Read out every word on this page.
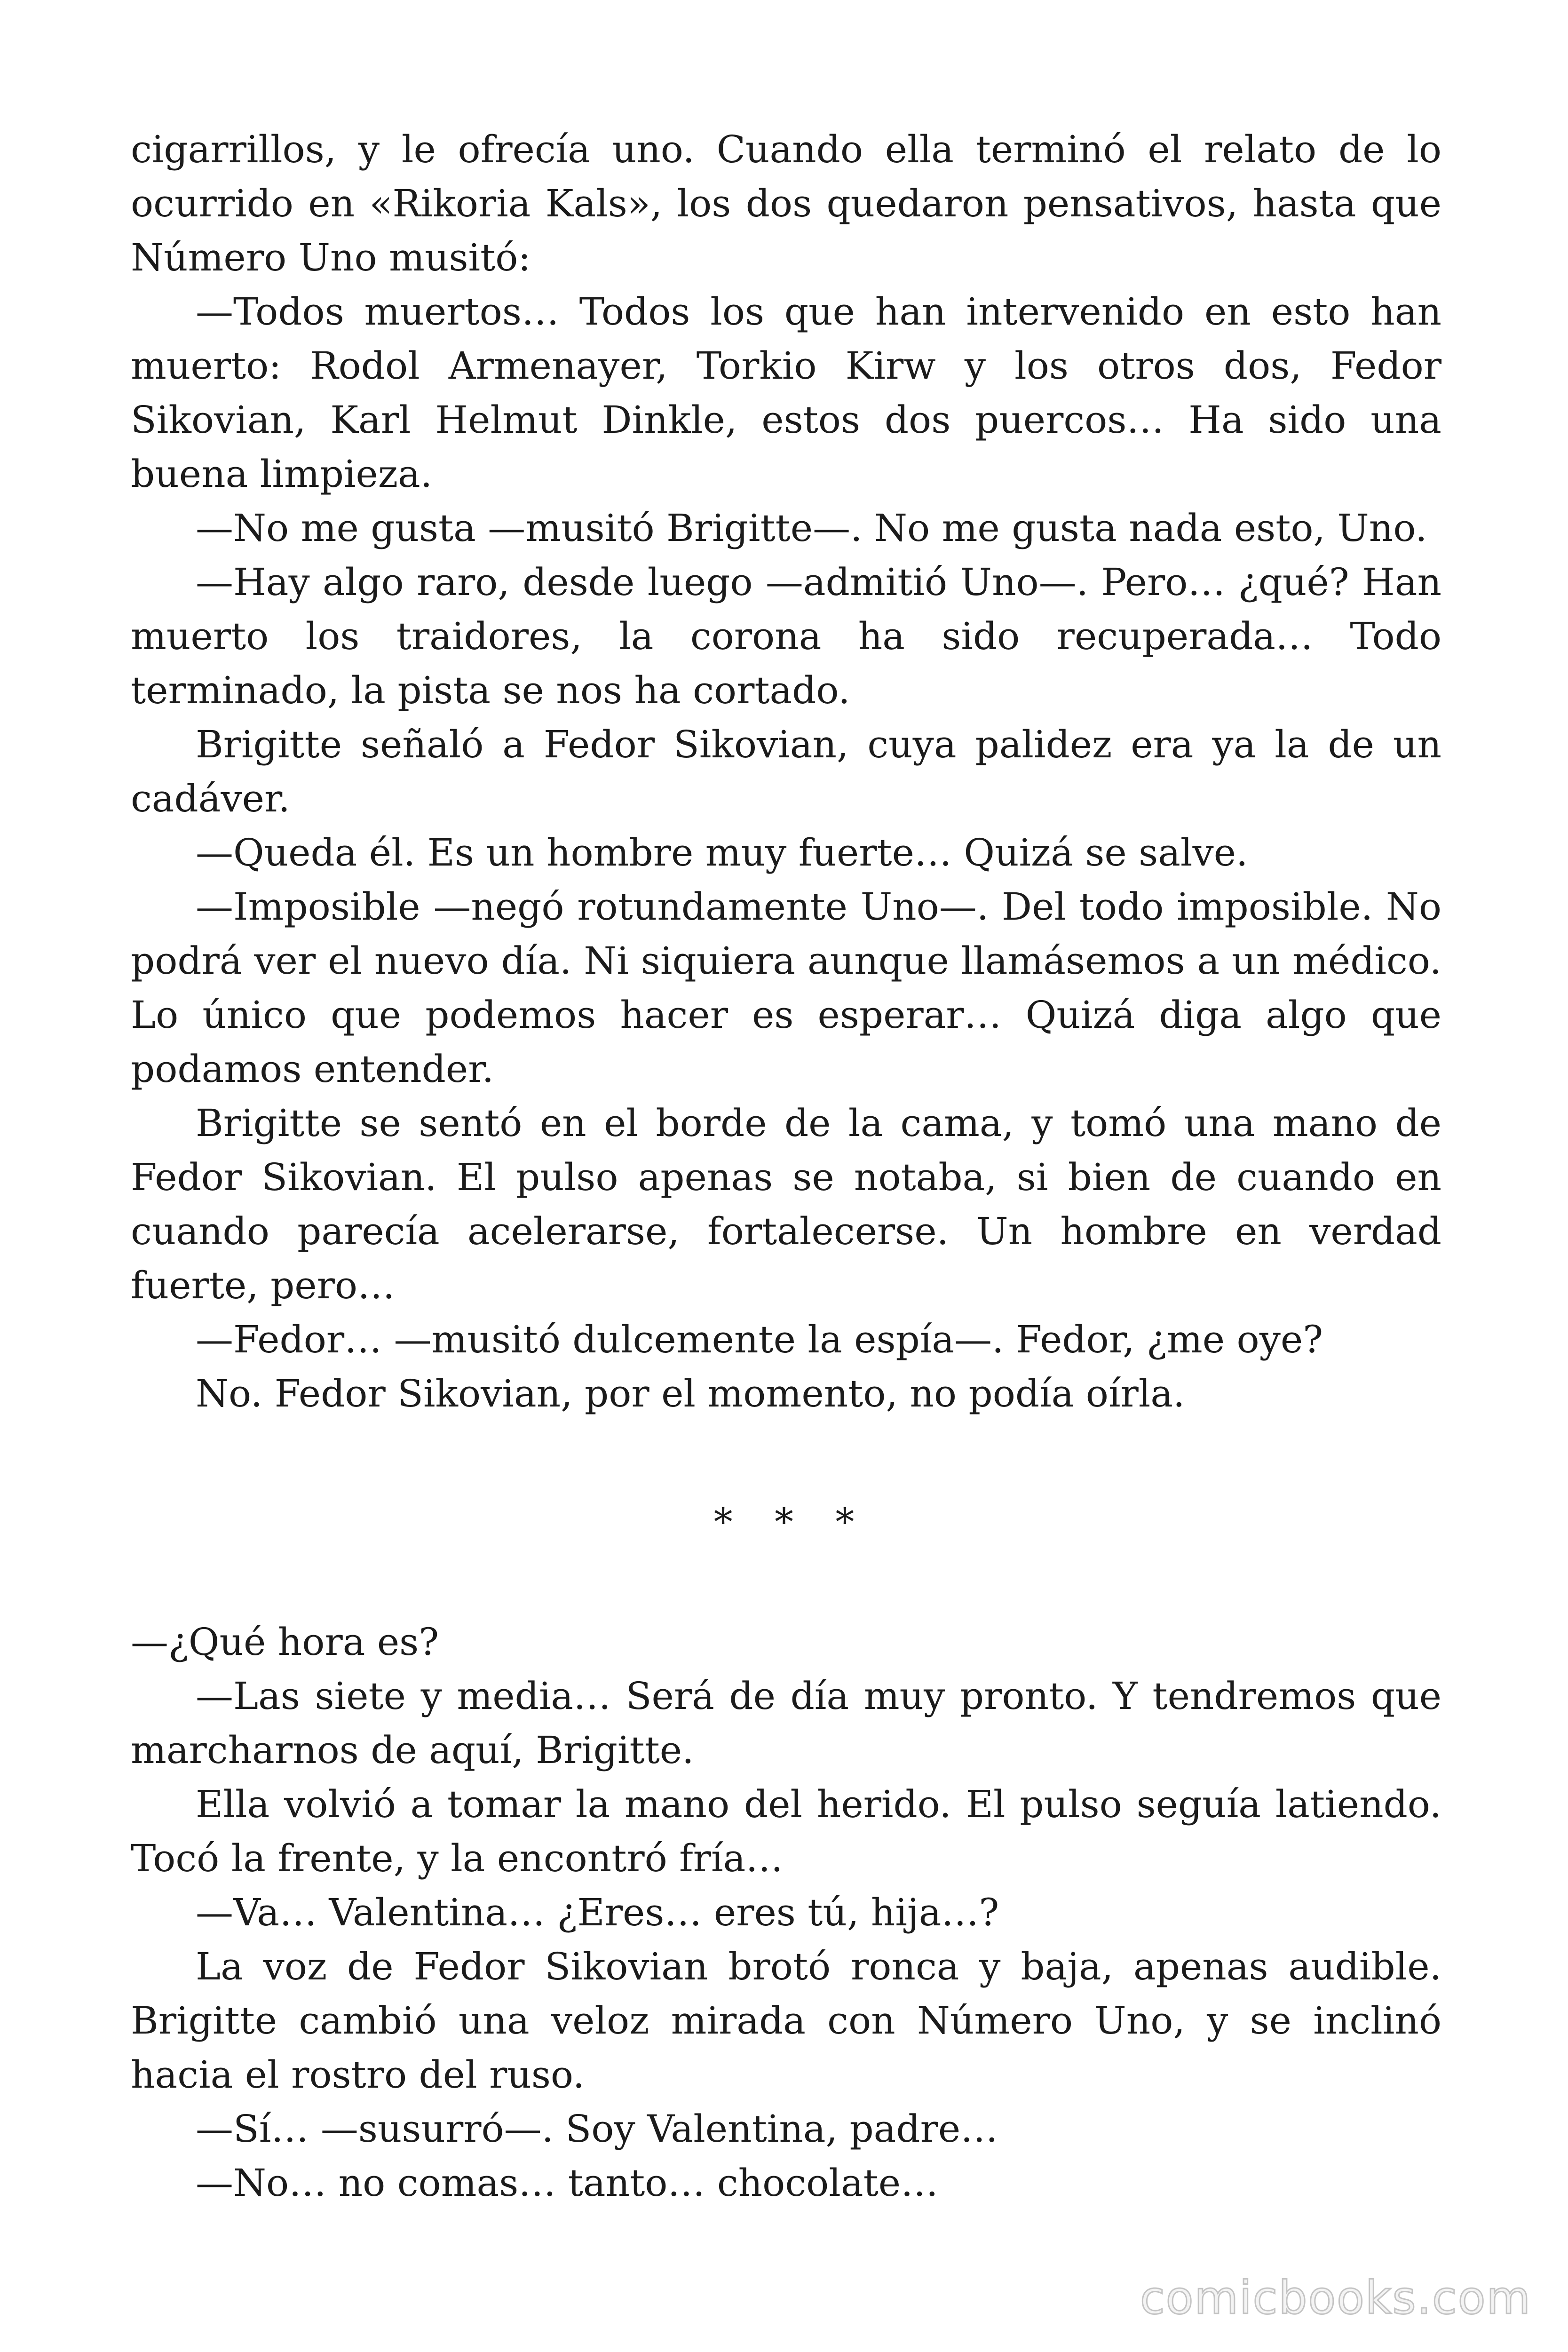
cigarrillos, y le ofrecía uno. Cuando ella terminó el relato de lo ocurrido en «Rikoria Kals», los dos quedaron pensativos, hasta que Número Uno musitó:

—Todos muertos… Todos los que han intervenido en esto han muerto: Rodol Armenayer, Torkio Kirw y los otros dos, Fedor Sikovian, Karl Helmut Dinkle, estos dos puercos… Ha sido una buena limpieza.

—No me gusta —musitó Brigitte—. No me gusta nada esto, Uno.

—Hay algo raro, desde luego —admitió Uno—. Pero… ¿qué? Han muerto los traidores, la corona ha sido recuperada… Todo terminado, la pista se nos ha cortado.

Brigitte señaló a Fedor Sikovian, cuya palidez era ya la de un cadáver.

—Queda él. Es un hombre muy fuerte… Quizá se salve.

—Imposible —negó rotundamente Uno—. Del todo imposible. No podrá ver el nuevo día. Ni siquiera aunque llamásemos a un médico. Lo único que podemos hacer es esperar… Quizá diga algo que podamos entender.

Brigitte se sentó en el borde de la cama, y tomó una mano de Fedor Sikovian. El pulso apenas se notaba, si bien de cuando en cuando parecía acelerarse, fortalecerse. Un hombre en verdad fuerte, pero…

—Fedor… —musitó dulcemente la espía—. Fedor, ¿me oye?

No. Fedor Sikovian, por el momento, no podía oírla.

* * *

—¿Qué hora es?

—Las siete y media… Será de día muy pronto. Y tendremos que marcharnos de aquí, Brigitte.

Ella volvió a tomar la mano del herido. El pulso seguía latiendo. Tocó la frente, y la encontró fría…

—Va… Valentina… ¿Eres… eres tú, hija…?

La voz de Fedor Sikovian brotó ronca y baja, apenas audible. Brigitte cambió una veloz mirada con Número Uno, y se inclinó hacia el rostro del ruso.

—Sí… —susurró—. Soy Valentina, padre…

—No… no comas… tanto… chocolate…

comicbooks.com
